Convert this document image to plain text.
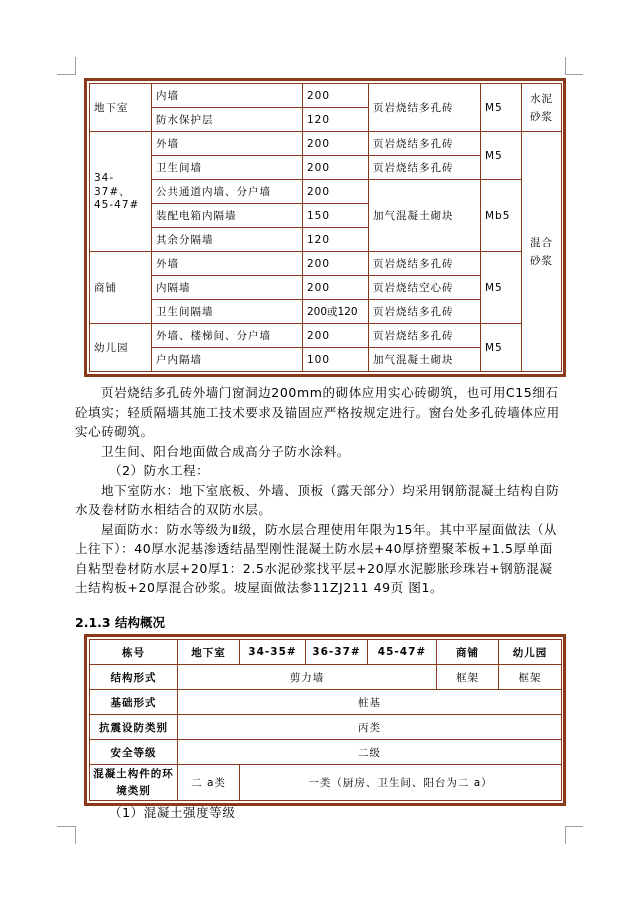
地下室	内墙	200	页岩烧结多孔砖	M5	水泥砂浆
	防水保护层	120			
34-37#、45-47#	外墙	200	页岩烧结多孔砖	M5	混合砂浆
	卫生间墙	200	页岩烧结多孔砖		
	公共通道内墙、分户墙	200	加气混凝土砌块	Mb5	
	装配电箱内隔墙	150			
	其余分隔墙	120			
商铺	外墙	200	页岩烧结多孔砖	M5	
	内隔墙	200	页岩烧结空心砖		
	卫生间隔墙	200或120	页岩烧结多孔砖		
幼儿园	外墙、楼梯间、分户墙	200	页岩烧结多孔砖	M5	
	户内隔墙	100	加气混凝土砌块		

页岩烧结多孔砖外墙门窗洞边200mm的砌体应用实心砖砌筑，也可用C15细石砼填实；轻质隔墙其施工技术要求及锚固应严格按规定进行。窗台处多孔砖墙体应用实心砖砌筑。

卫生间、阳台地面做合成高分子防水涂料。

（2）防水工程：

地下室防水：地下室底板、外墙、顶板（露天部分）均采用钢筋混凝土结构自防水及卷材防水相结合的双防水层。

屋面防水：防水等级为Ⅱ级，防水层合理使用年限为15年。其中平屋面做法（从上往下）：40厚水泥基渗透结晶型刚性混凝土防水层+40厚挤塑聚苯板+1.5厚单面自粘型卷材防水层+20厚1：2.5水泥砂浆找平层+20厚水泥膨胀珍珠岩+钢筋混凝土结构板+20厚混合砂浆。坡屋面做法参11ZJ211 49页 图1。

2.1.3 结构概况
栋号	地下室	34-35#	36-37#	45-47#	商铺	幼儿园
结构形式	剪力墙				框架	框架
基础形式	桩基					
抗震设防类别	丙类					
安全等级	二级					
混凝土构件的环境类别	二 a类	一类（厨房、卫生间、阳台为二 a）				
（1）混凝土强度等级
